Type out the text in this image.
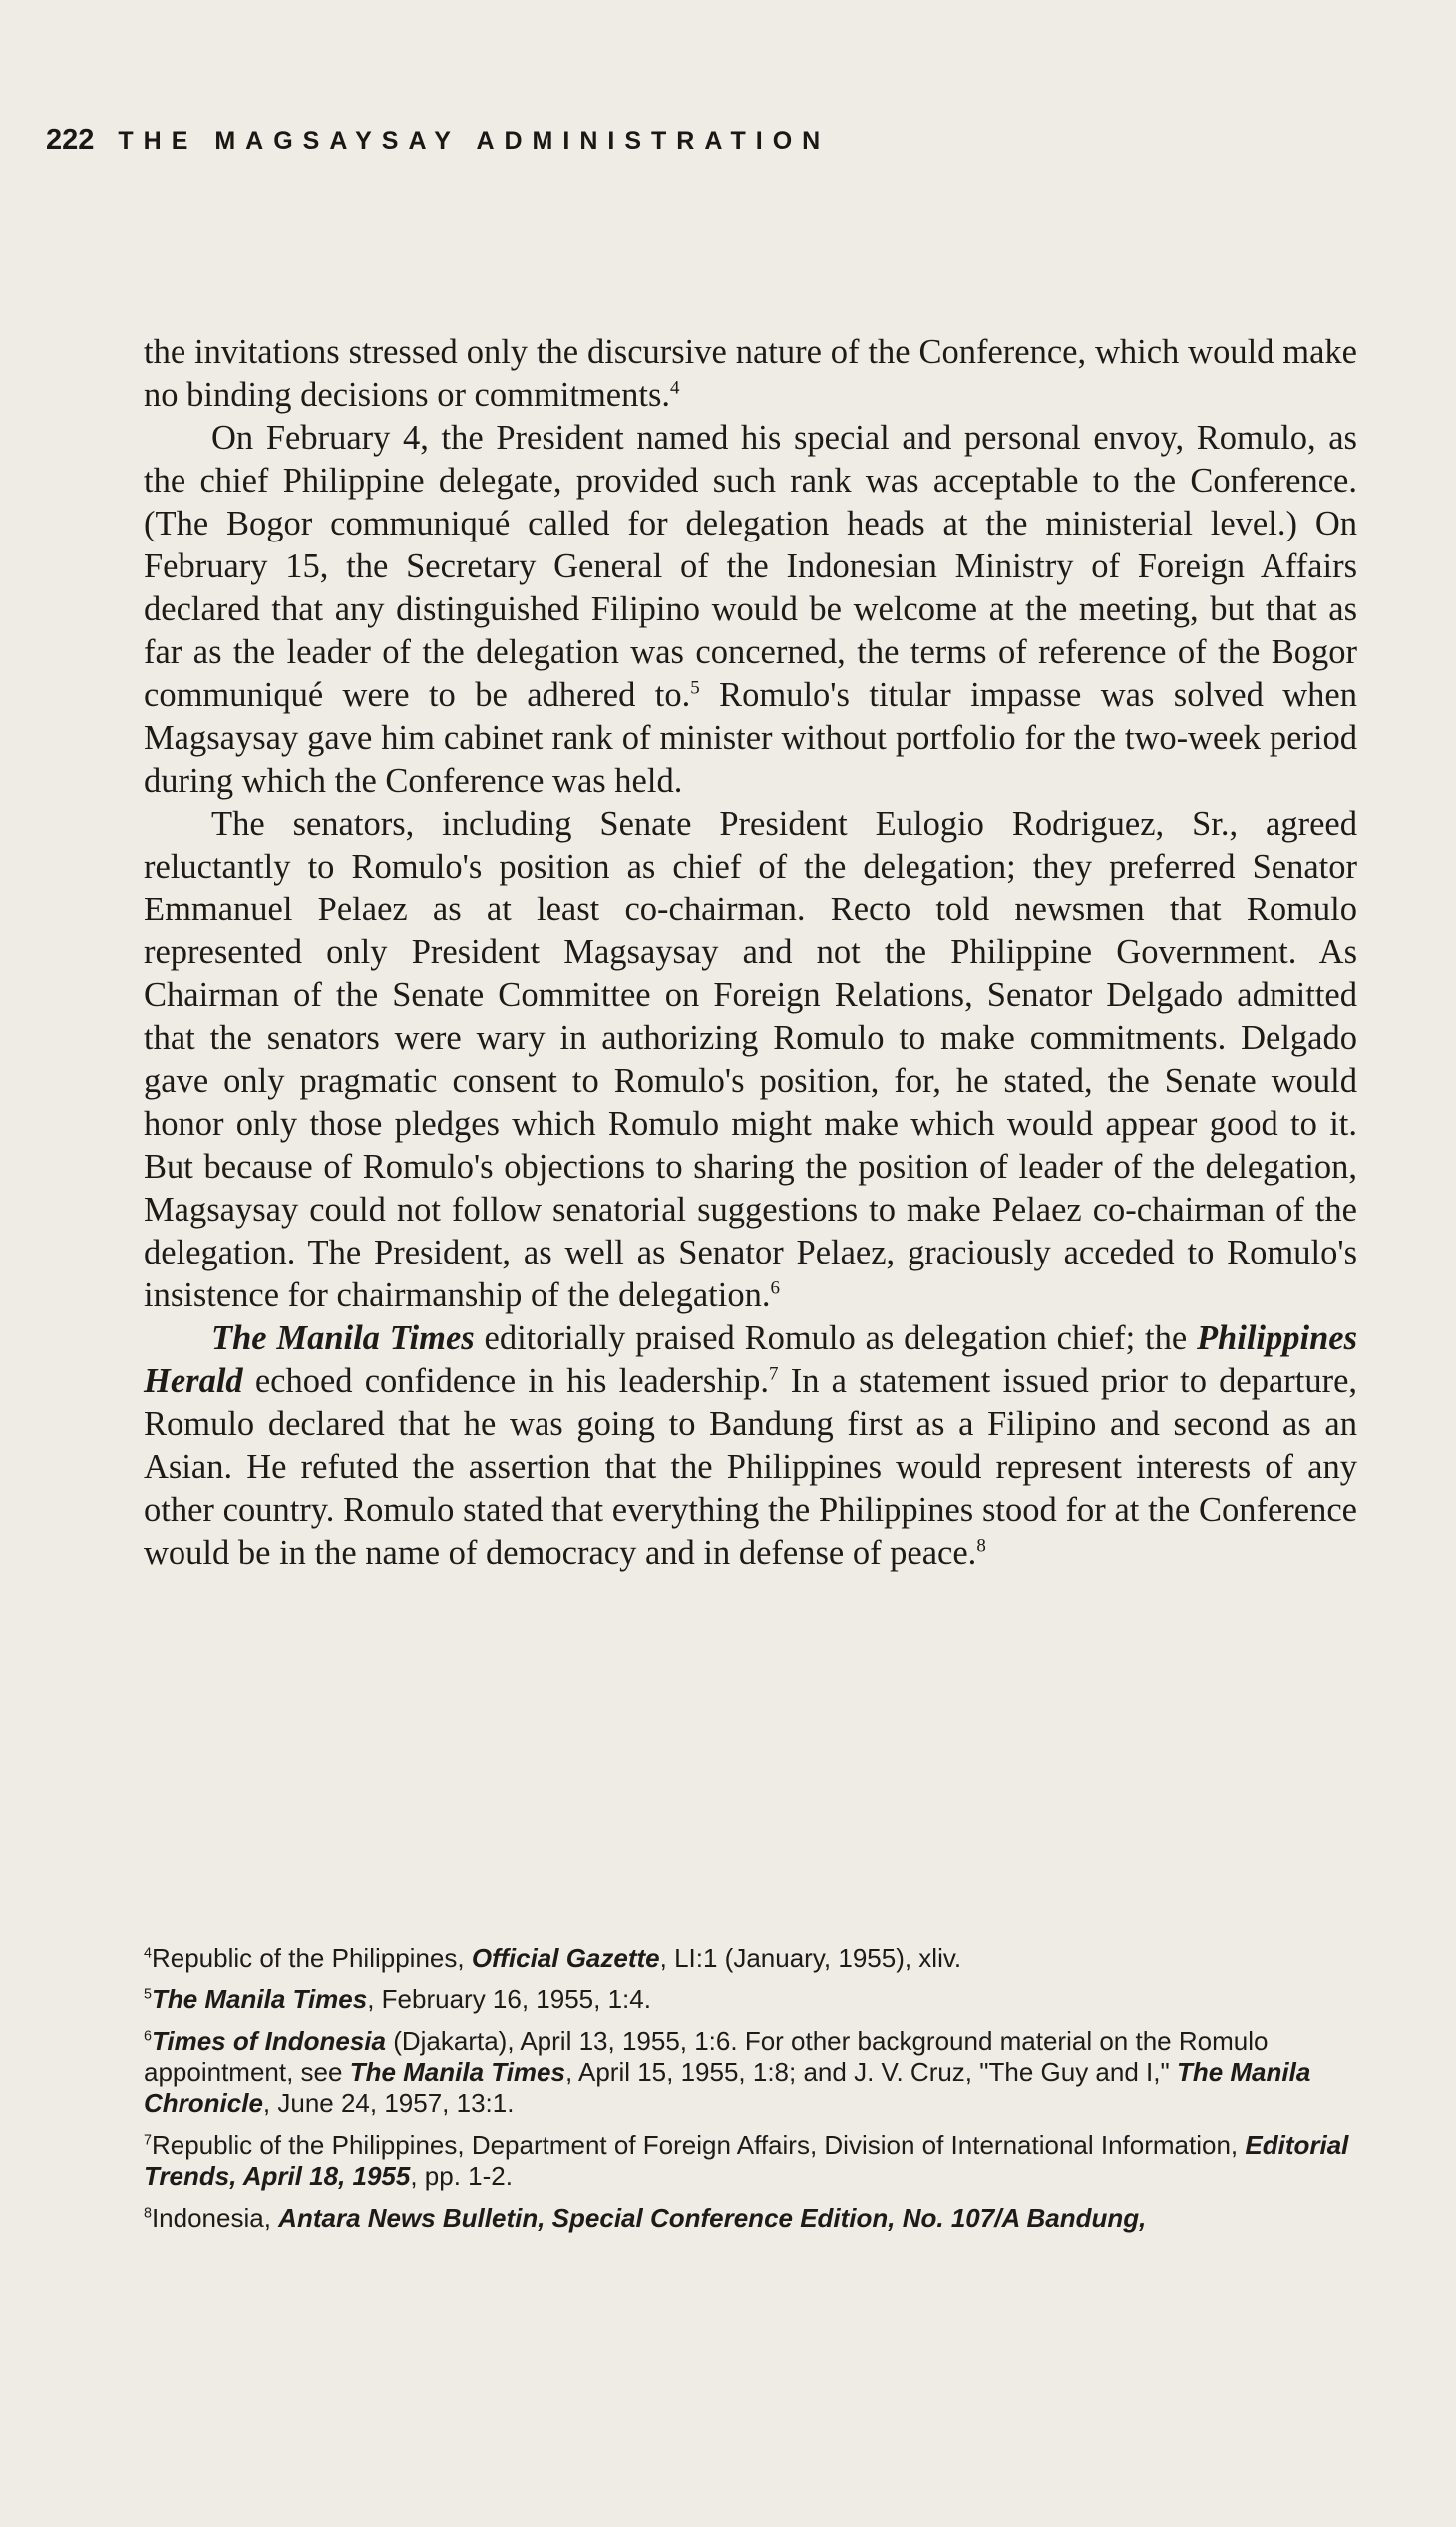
222 THE MAGSAYSAY ADMINISTRATION

the invitations stressed only the discursive nature of the Conference, which would make no binding decisions or commitments.$^4$

On February 4, the President named his special and personal envoy, Romulo, as the chief Philippine delegate, provided such rank was acceptable to the Conference. (The Bogor communiqué called for delegation heads at the ministerial level.) On February 15, the Secretary General of the Indonesian Ministry of Foreign Affairs declared that any distinguished Filipino would be welcome at the meeting, but that as far as the leader of the delegation was concerned, the terms of reference of the Bogor communiqué were to be adhered to.$^5$ Romulo's titular impasse was solved when Magsaysay gave him cabinet rank of minister without portfolio for the two-week period during which the Conference was held.

The senators, including Senate President Eulogio Rodriguez, Sr., agreed reluctantly to Romulo's position as chief of the delegation; they preferred Senator Emmanuel Pelaez as at least co-chairman. Recto told newsmen that Romulo represented only President Magsaysay and not the Philippine Government. As Chairman of the Senate Committee on Foreign Relations, Senator Delgado admitted that the senators were wary in authorizing Romulo to make commitments. Delgado gave only pragmatic consent to Romulo's position, for, he stated, the Senate would honor only those pledges which Romulo might make which would appear good to it. But because of Romulo's objections to sharing the position of leader of the delegation, Magsaysay could not follow senatorial suggestions to make Pelaez co-chairman of the delegation. The President, as well as Senator Pelaez, graciously acceded to Romulo's insistence for chairmanship of the delegation.$^6$

The Manila Times editorially praised Romulo as delegation chief; the Philippines Herald echoed confidence in his leadership.$^7$ In a statement issued prior to departure, Romulo declared that he was going to Bandung first as a Filipino and second as an Asian. He refuted the assertion that the Philippines would represent interests of any other country. Romulo stated that everything the Philippines stood for at the Conference would be in the name of democracy and in defense of peace.$^8$

$^4$Republic of the Philippines, Official Gazette, LI:1 (January, 1955), xliv.
$^5$The Manila Times, February 16, 1955, 1:4.
$^6$Times of Indonesia (Djakarta), April 13, 1955, 1:6. For other background material on the Romulo appointment, see The Manila Times, April 15, 1955, 1:8; and J. V. Cruz, "The Guy and I," The Manila Chronicle, June 24, 1957, 13:1.
$^7$Republic of the Philippines, Department of Foreign Affairs, Division of International Information, Editorial Trends, April 18, 1955, pp. 1-2.
$^8$Indonesia, Antara News Bulletin, Special Conference Edition, No. 107/A Bandung,
